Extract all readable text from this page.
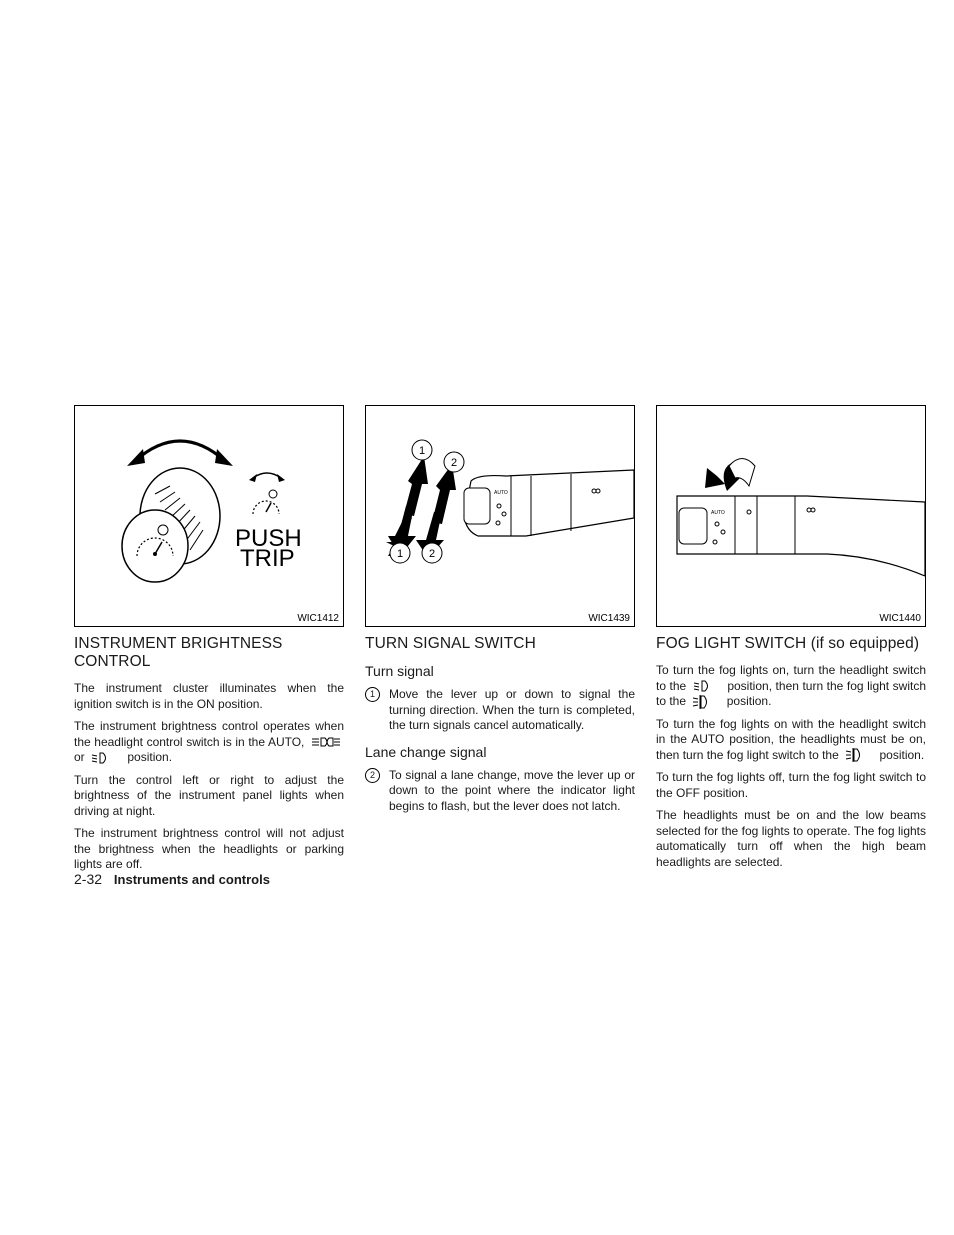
PUSH
TRIP
WIC1412
INSTRUMENT BRIGHTNESS CONTROL

The instrument cluster illuminates when the ignition switch is in the ON position.

The instrument brightness control operates when the headlight control switch is in the AUTO,  or	position.

Turn the control left or right to adjust the brightness of the instrument panel lights when driving at night.

The instrument brightness control will not adjust the brightness when the headlights or parking lights are off.

1
2
1 2
AUTO
WIC1439
TURN SIGNAL SWITCH
Turn signal
1	Move the lever up or down to signal the turning direction. When the turn is completed, the turn signals cancel automatically.

Lane change signal
2	To signal a lane change, move the lever up or down to the point where the indicator light begins to flash, but the lever does not latch.

AUTO
WIC1440
FOG LIGHT SWITCH (if so equipped)

To turn the fog lights on, turn the headlight switch to the	position, then turn the fog light switch to the	position.

To turn the fog lights on with the headlight switch in the AUTO position, the headlights must be on, then turn the fog light switch to the	position.

To turn the fog lights off, turn the fog light switch to the OFF position.

The headlights must be on and the low beams selected for the fog lights to operate. The fog lights automatically turn off when the high beam headlights are selected.

2-32 Instruments and controls
